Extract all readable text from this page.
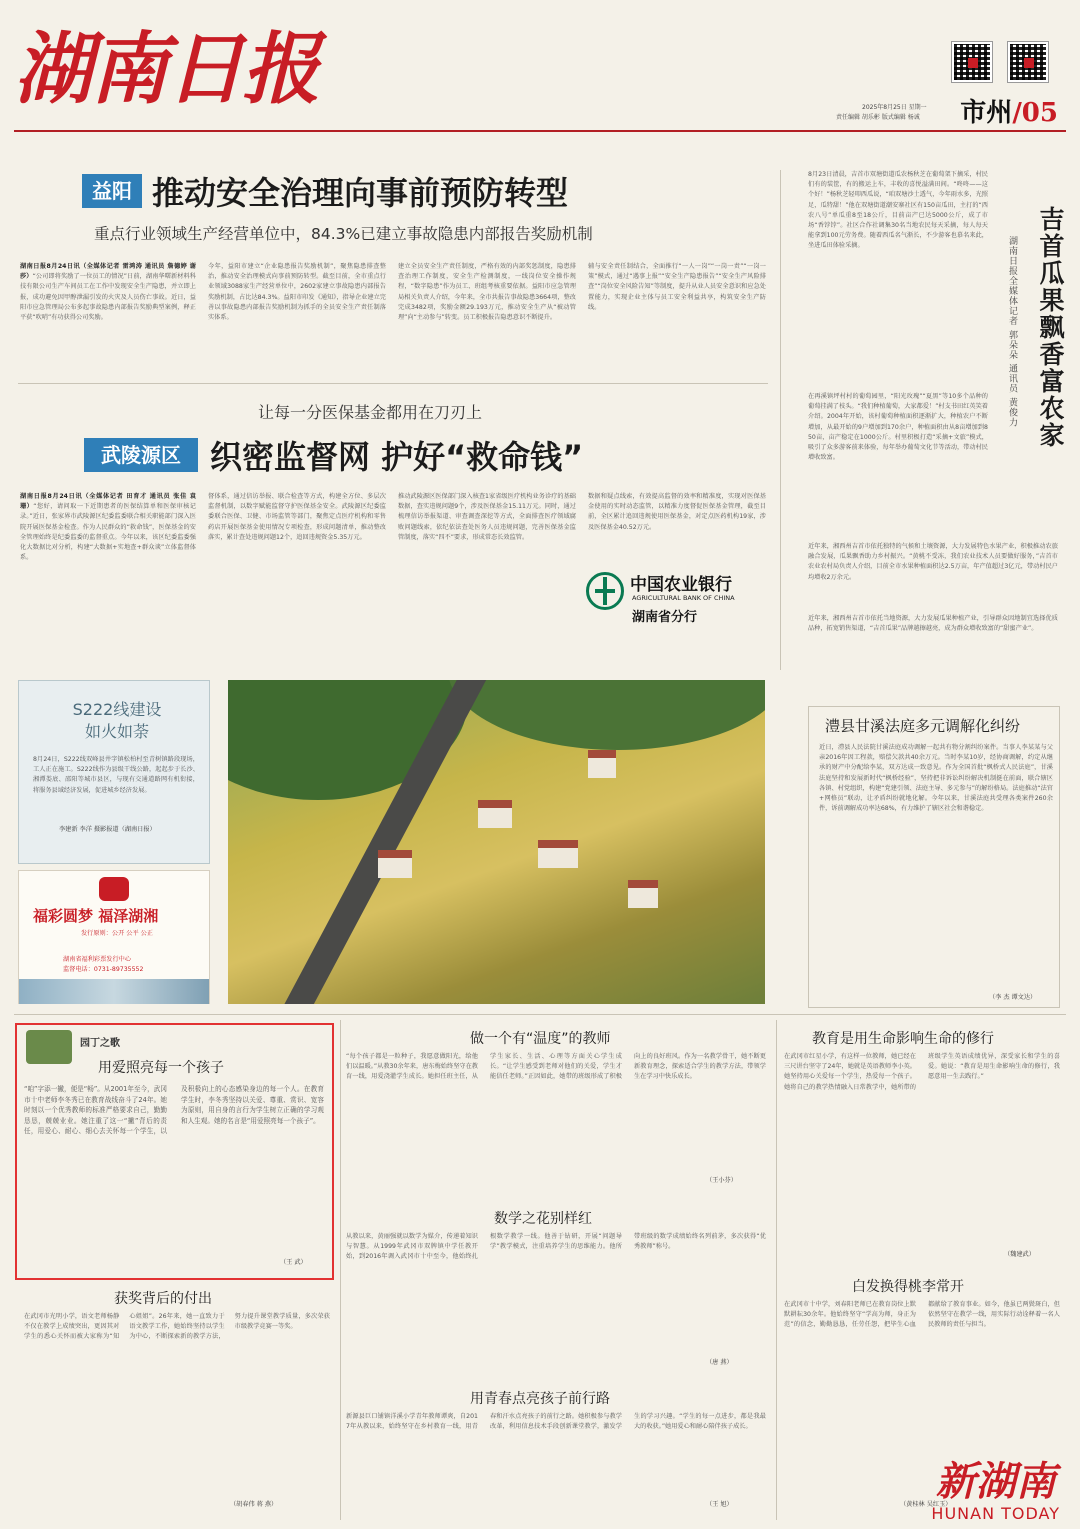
湖南日报	2025年8月25日 星期一
责任编辑 胡乐彬 版式编辑 杨诚	市州/05
益阳 推动安全治理向事前预防转型
重点行业领域生产经营单位中，84.3%已建立事故隐患内部报告奖励机制
湖南日报8月24日讯（全媒体记者 雷鸿涛 通讯员 詹德婷 谢莎）“公司即将奖励了一位员工的情况”日前，湖南华曙新材料科技有限公司生产车间员工在工作中发现安全生产隐患，并立即上报，成功避免因甲醇泄漏引发的火灾及人员伤亡事故。近日，益阳市应急管理局公布多起事故隐患内部报告奖励典型案例，释正平获“吹哨”有功获得公司奖励。
今年，益阳市建立“企业隐患报告奖励机制”，聚焦隐患排查整治，推动安全治理模式向事前预防转型。截至目前，全市重点行业领域3088家生产经营单位中，2602家建立事故隐患内部报告奖励机制，占比达84.3%。益阳市印发《通知》，指导企业建立完善以事故隐患内部报告奖励机制为抓手的全员安全生产责任制落实体系。
建立全员安全生产责任制度，严格有效的内部奖惩制度，隐患排查治理工作制度，安全生产检测制度，一线岗位安全操作规程，“数字隐患”作为员工、班组考核重要依据。益阳市应急管理局相关负责人介绍，今年来，全市共报告事故隐患3664项，整改完成3482项，奖励金额29.193万元，推动安全生产从“被动管理”向“主动参与”转变。员工积极报告隐患意识不断提升。
辅与安全责任制结合，全面推行“一人一岗”“一岗一责”“一岗一策”模式，通过“遇事上报”“安全生产隐患报告”“安全生产风险排查”“岗位安全风险告知”等制度，提升从业人员安全意识和应急处置能力，实现企业主体与员工安全利益共享，构筑安全生产防线。
让每一分医保基金都用在刀刃上
武陵源区 织密监督网 护好“救命钱”
湖南日报8月24日讯（全媒体记者 田育才 通讯员 张佳 袁珊）“您好，请问取一下近期患者的医保结算单和医保审核记录。”近日，张家界市武陵源区纪委监委联合相关职能部门深入医院开展医保基金检查。作为人民群众的“救命钱”，医保基金的安全管理始终是纪委监委的监督重点。今年以来，该区纪委监委强化大数据比对分析，构建“大数据+实地查+群众谈”立体监督体系。
督体系，通过信访举报、联合检查等方式，构建全方位、多层次监督机制，以数字赋能监督守护医保基金安全。武陵源区纪委监委联合医保、卫健、市场监管等部门，聚焦定点医疗机构和零售药店开展医保基金使用情况专项检查，形成问题清单，推动整改落实，累计查处违规问题12个，追回违规资金5.35万元。
推动武陵源区医保部门深入核查1家省级医疗机构业务诊疗的基础数据，查实违规问题9个，涉及医保基金15.11万元。同时，通过梳理信访举报渠道、审查调查深挖等方式，全面排查医疗领域腐败问题线索，依纪依法查处医务人员违规问题，完善医保基金监管制度，落实“四不”要求，形成常态长效监管。
数据和疑点线索，有效提高监督的效率和精准度，实现对医保基金使用的实时动态监管，以精准力度督促医保基金管理，截至目前，全区累计追回违规使用医保基金，对定点医药机构19家，涉及医保基金40.52万元。
中国农业银行
AGRICULTURAL BANK OF CHINA
湖南省分行
吉首瓜果飘香富农家
湖南日报全媒体记者 郭朵朵 通讯员 黄俊力
8月23日清晨，吉首市双塘街道瓜农杨秋芝在葡萄架下摘采，村民们有的装筐，有的搬运上车，丰收的喜悦溢满田间。“咚咚——这个好！”杨秋芝轻叩西瓜说，“咱双塘沙土透气，今年雨水多，光照足，瓜特甜！”他在双塘街道潮安寨社区有150亩瓜田，主打的“西农八号”单瓜重8至18公斤，目前亩产已达5000公斤，成了市场“香饽饽”。社区合作社调集30名当地农民每天采摘，每人每天能拿到100元劳务费。随着西瓜名气渐长，不少游客也慕名来此，坐进瓜田体验采摘。
在再溪镇坪村村的葡萄园里，“阳光玫瑰”“夏黑”等10多个品种的葡萄挂满了枝头。“我们种植葡萄，大家都爱！”村支书田红英笑着介绍。2004年开始，该村葡萄种植面积逐渐扩大，种植农户不断增加，从最开始的9户增加到170余户，种植面积由从8亩增加到850亩，亩产稳定在1000公斤。村里积极打造“采摘+文旅”模式，吸引了众多游客前来体验，每年举办葡萄文化节等活动，带动村民增收致富。
近年来，湘西州吉首市依托独特的气候和土壤资源，大力发展特色水果产业，积极推动农旅融合发展，瓜果飘香助力乡村振兴。“黄桃不受冻，我们农业技术人员要做好服务，”吉首市农业农村局负责人介绍，目前全市水果种植面积达2.5万亩，年产值超过3亿元，带动村民户均增收2万余元。
近年来，湘西州吉首市依托当地资源，大力发展瓜果种植产业，引导群众因地制宜选择优质品种，拓宽销售渠道，“吉首瓜果”品牌越擦越亮，成为群众增收致富的“甜蜜产业”。
S222线建设如火如荼
8月24日，S222线双峰县井字镇松柏村至青树镇路段现场，工人正在施工。S222线作为县级干线公路，起起步于长沙、湘潭娄底、邵阳等城市县区，与现有交通道路网有机衔接，将服务县域经济发展，促进城乡经济发展。
李建新 李洋 摄影报道（湖南日报）
福彩圆梦 福泽湖湘
发行原则：公开 公平 公正
湖南省福利彩票发行中心
监督电话：0731-89735552
澧县甘溪法庭多元调解化纠纷
近日，澧县人民法院甘溪法庭成功调解一起共有物分割纠纷案件。当事人李某某与父亲2016年因工程款，赔偿欠款共40余万元。当时李某10岁，经协商调解，约定从继承的财产中分配给李某，双方达成一致意见。作为全国首批“枫桥式人民法庭”，甘溪法庭坚持和发展新时代“枫桥经验”，坚持把非诉讼纠纷解决机制挺在前面，联合辖区各镇、村党组织，构建“党建引领、法庭主导、多元参与”的解纷格局。法庭推动“法官+网格员”联动，让矛盾纠纷就地化解。今年以来，甘溪法庭共受理各类案件260余件，诉前调解成功率达68%，有力维护了辖区社会和谐稳定。
（李 杰 谭文达）
园丁之歌
用爱照亮每一个孩子
“咱”字添一撇，便是“畅”。从2001年至今，武冈市十中老师李冬秀已在教育战线奋斗了24年。她时刻以一个优秀教师的标准严格要求自己，勤勤恳恳，兢兢业业。她注重了这一“撇”背后的责任，用爱心、耐心、细心去关怀每一个学生，以及积极向上的心态感染身边的每一个人。在教育学生时，李冬秀坚持以关爱、尊重、赏识、宽容为原则，用自身的言行为学生树立正确的学习观和人生观。她的名言是“用爱照亮每一个孩子”。
（王 武）
做一个有“温度”的教师
“每个孩子都是一粒种子，我愿意做阳光，给他们以温暖。”从教30余年来，唐东梅始终坚守在教育一线，用爱浇灌学生成长。她担任班主任，从学生家长、生活、心理等方面关心学生成长。“让学生感受到老师对他们的关爱，学生才能信任老师。”正因如此，她带的班级形成了积极向上的良好班风。作为一名教学骨干，她不断更新教育理念，探索适合学生的教学方法，带领学生在学习中快乐成长。
（王小芬）
数学之花别样红
从教以来，黄丽强就以数学为媒介，传递着知识与智慧。从1999年武冈市双牌镇中学任教开始，到2016年调入武冈市十中至今，他始终扎根数学教学一线。他善于钻研，开展“问题导学”教学模式，注重培养学生的思维能力。他所带班级的数学成绩始终名列前茅，多次获得“优秀教师”称号。
（唐 燕）
用青春点亮孩子前行路
新源县巨口铺镇洋溪小学青年教师谭爽，自2017年从教以来，始终坚守在乡村教育一线，用青春和汗水点亮孩子的前行之路。她积极参与教学改革，利用信息技术手段创新课堂教学，激发学生的学习兴趣。“学生的每一点进步，都是我最大的收获。”她用爱心和耐心陪伴孩子成长。
（王 旭）
获奖背后的付出
在武冈市光明小学，语文老师杨静不仅在教学上成绩突出，更因其对学生的悉心关怀而被大家称为“知心姐姐”。26年来，她一直致力于语文教学工作，她始终坚持以学生为中心，不断探索新的教学方法，努力提升课堂教学质量，多次荣获市级教学竞赛一等奖。
（胡春伟 蒋 燕）
教育是用生命影响生命的修行
在武冈市红星小学，有这样一位教师，她已经在三尺讲台坚守了24年，她就是英语教师李小英。她坚持用心关爱每一个学生，热爱每一个孩子。她将自己的教学热情融入日常教学中，她所带的班级学生英语成绩优异，深受家长和学生的喜爱。她说：“教育是用生命影响生命的修行，我愿意用一生去践行。”
（魏建武）
白发换得桃李常开
在武冈市十中学，刘春阳老师已在教育岗位上默默耕耘30余年。他始终坚守“学高为师，身正为范”的信念，勤勤恳恳，任劳任怨，把毕生心血都献给了教育事业。如今，他虽已两鬓斑白，但依然坚守在教学一线，用实际行动诠释着一名人民教师的责任与担当。
（黄桂林 吴红玉）
新湖南
HUNAN TODAY
